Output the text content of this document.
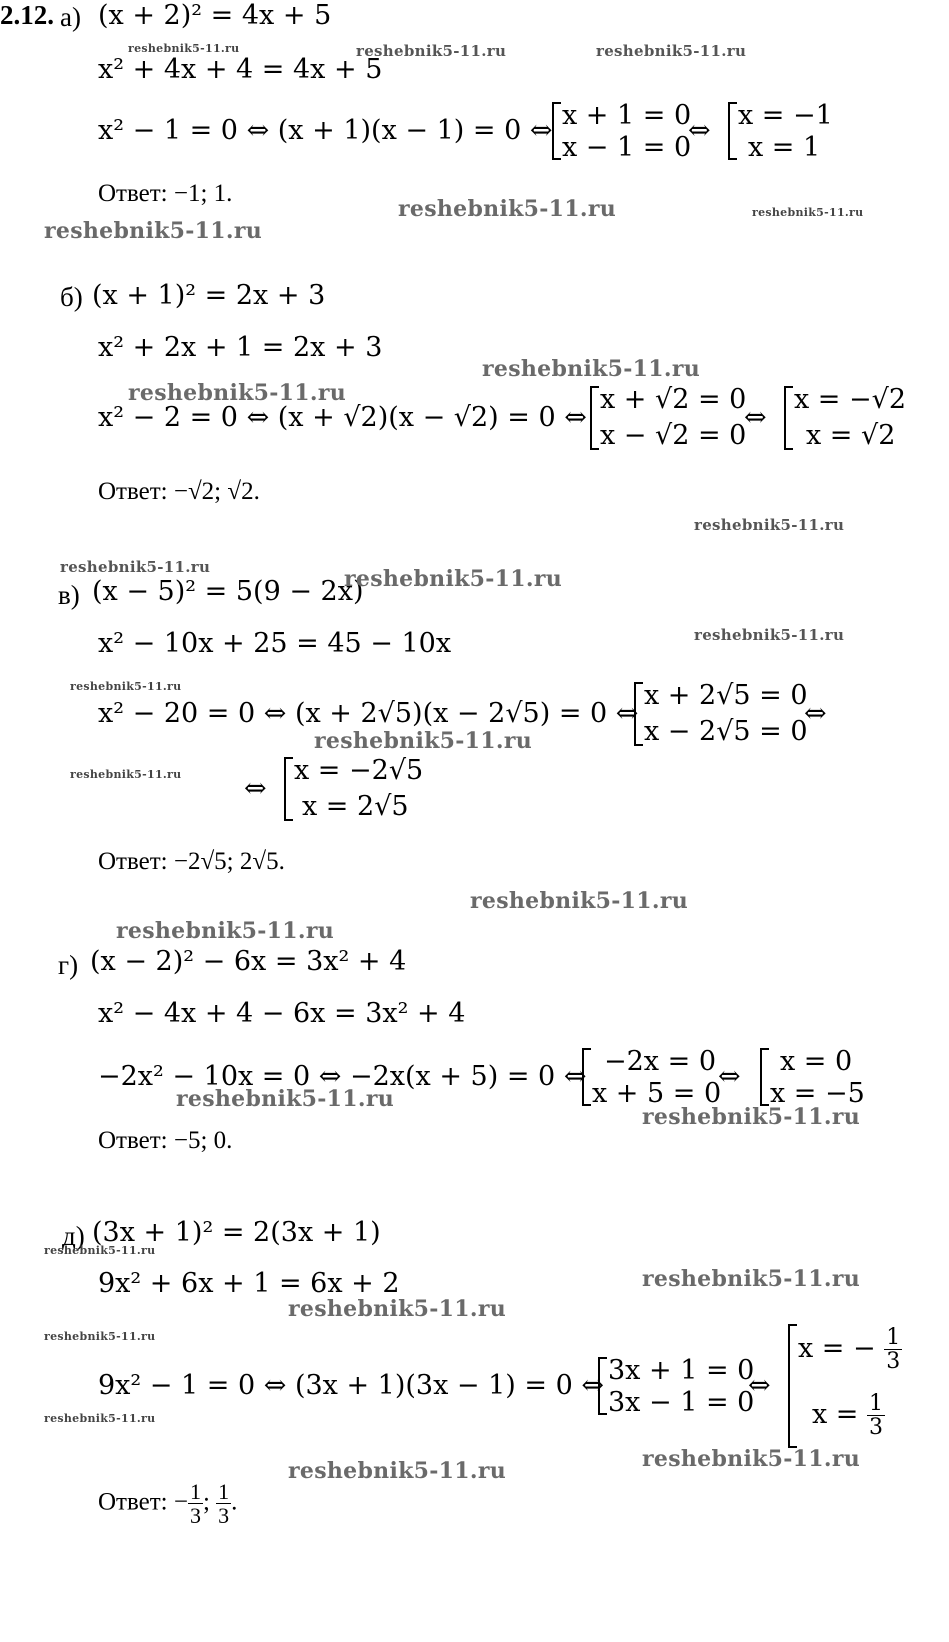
2.12. а) (x + 2)² = 4x + 5
x² + 4x + 4 = 4x + 5
x² − 1 = 0 ⇔ (x + 1)(x − 1) = 0 ⇔ x + 1 = 0
x − 1 = 0
⇔ x = −1
x = 1
Ответ: −1; 1.
б) (x + 1)² = 2x + 3
x² + 2x + 1 = 2x + 3
x² − 2 = 0 ⇔ (x + √2)(x − √2) = 0 ⇔
x + √2 = 0
x − √2 = 0
⇔
x = −√2
x = √2
Ответ: −√2; √2.
в) (x − 5)² = 5(9 − 2x)
x² − 10x + 25 = 45 − 10x
x² − 20 = 0 ⇔ (x + 2√5)(x − 2√5) = 0 ⇔
x + 2√5 = 0
x − 2√5 = 0
⇔
⇔
x = −2√5
x = 2√5
Ответ: −2√5; 2√5.
г) (x − 2)² − 6x = 3x² + 4
x² − 4x + 4 − 6x = 3x² + 4
−2x² − 10x = 0 ⇔ −2x(x + 5) = 0 ⇔ −2x = 0
x + 5 = 0
⇔ x = 0
x = −5
Ответ: −5; 0.
д) (3x + 1)² = 2(3x + 1)
9x² + 6x + 1 = 6x + 2
9x² − 1 = 0 ⇔ (3x + 1)(3x − 1) = 0 ⇔ 3x + 1 = 0
3x − 1 = 0
⇔
x = − $\frac{1}{3}$
$x = \frac{1}{3}$
Ответ: − $\frac{1}{3}$ ; $\frac{1}{3}$ .
reshebnik5-11.ru	reshebnik5-11.ru	reshebnik5-11.ru
reshebnik5-11.ru	reshebnik5-11.ru
reshebnik5-11.ru
reshebnik5-11.ru
reshebnik5-11.ru
reshebnik5-11.ru
reshebnik5-11.ru	reshebnik5-11.ru
reshebnik5-11.ru
reshebnik5-11.ru
reshebnik5-11.ru
reshebnik5-11.ru
reshebnik5-11.ru
reshebnik5-11.ru
reshebnik5-11.ru
reshebnik5-11.ru
reshebnik5-11.ru
reshebnik5-11.ru
reshebnik5-11.ru
reshebnik5-11.ru
reshebnik5-11.ru
reshebnik5-11.ru
reshebnik5-11.ru
